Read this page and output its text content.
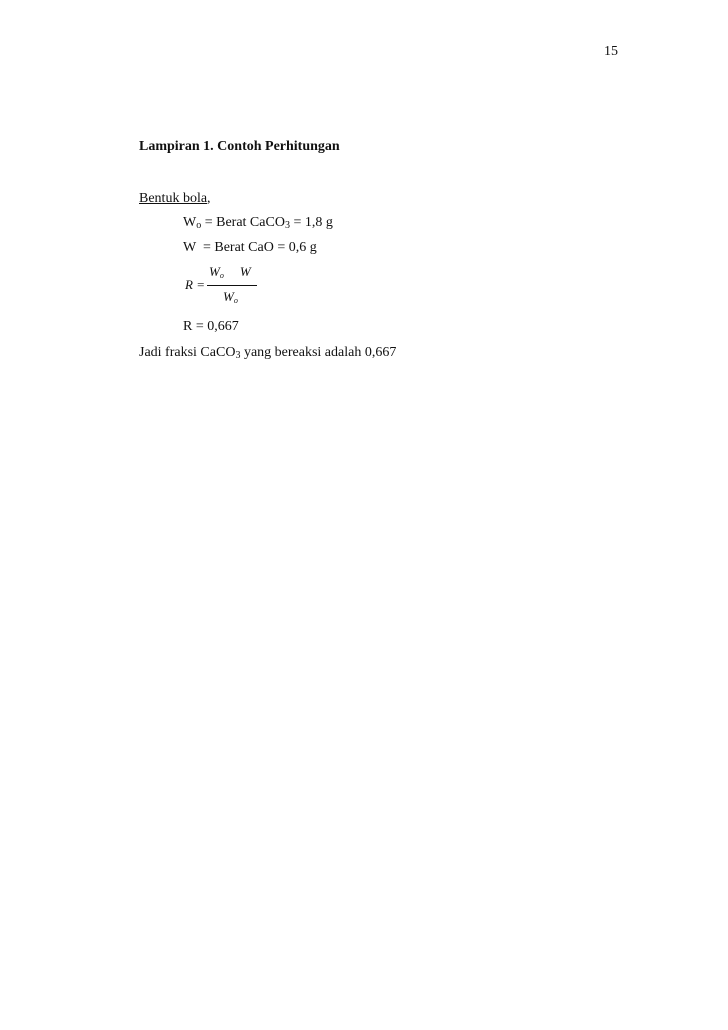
15
Lampiran 1. Contoh Perhitungan
Bentuk bola,
$W_o$ = Berat CaCO$_3$ = 1,8 g
W  = Berat CaO = 0,6 g
R =
$W_o$ W
$W_o$
R = 0,667
Jadi fraksi CaCO$_3$ yang bereaksi adalah 0,667
